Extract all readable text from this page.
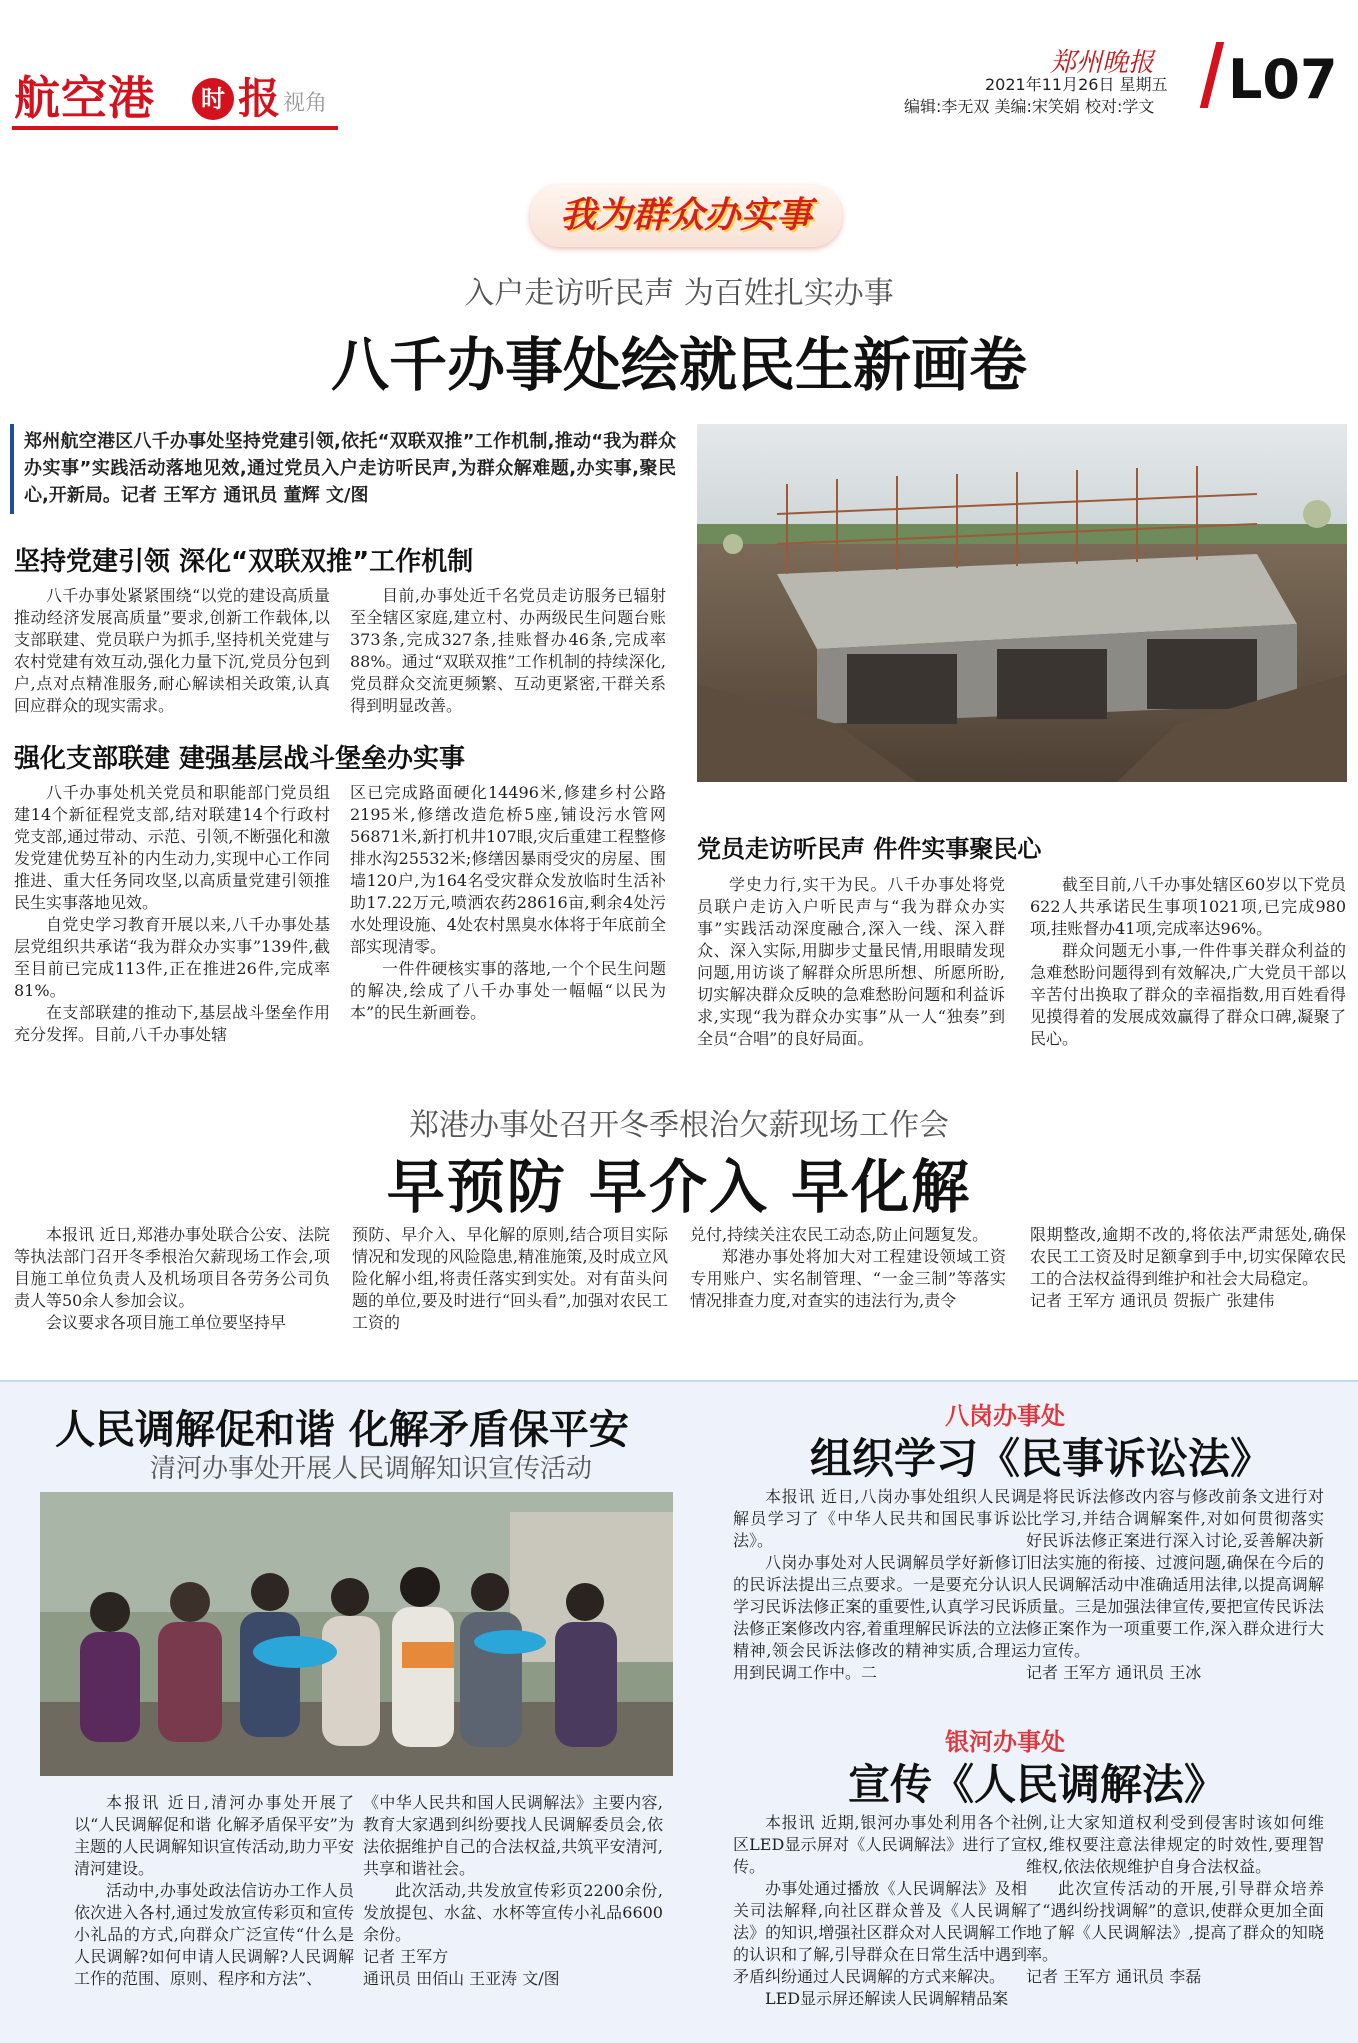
航空港	时 报 视角
郑州晚报
2021年11月26日 星期五
编辑:李无双 美编:宋笑娟 校对:学文 L07
我为群众办实事
入户走访听民声 为百姓扎实办事
八千办事处绘就民生新画卷
郑州航空港区八千办事处坚持党建引领,依托“双联双推”工作机制,推动“我为群众办实事”实践活动落地见效,通过党员入户走访听民声,为群众解难题,办实事,聚民心,开新局。记者 王军方 通讯员 董辉 文/图
坚持党建引领 深化“双联双推”工作机制

八千办事处紧紧围绕“以党的建设高质量推动经济发展高质量”要求,创新工作载体,以支部联建、党员联户为抓手,坚持机关党建与农村党建有效互动,强化力量下沉,党员分包到户,点对点精准服务,耐心解读相关政策,认真回应群众的现实需求。

目前,办事处近千名党员走访服务已辐射至全辖区家庭,建立村、办两级民生问题台账373条,完成327条,挂账督办46条,完成率88%。通过“双联双推”工作机制的持续深化,党员群众交流更频繁、互动更紧密,干群关系得到明显改善。

强化支部联建 建强基层战斗堡垒办实事

八千办事处机关党员和职能部门党员组建14个新征程党支部,结对联建14个行政村党支部,通过带动、示范、引领,不断强化和激发党建优势互补的内生动力,实现中心工作同推进、重大任务同攻坚,以高质量党建引领推民生实事落地见效。

自党史学习教育开展以来,八千办事处基层党组织共承诺“我为群众办实事”139件,截至目前已完成113件,正在推进26件,完成率81%。

在支部联建的推动下,基层战斗堡垒作用充分发挥。目前,八千办事处辖

区已完成路面硬化14496米,修建乡村公路2195米,修缮改造危桥5座,铺设污水管网56871米,新打机井107眼,灾后重建工程整修排水沟25532米;修缮因暴雨受灾的房屋、围墙120户,为164名受灾群众发放临时生活补助17.22万元,喷洒农药28616亩,剩余4处污水处理设施、4处农村黑臭水体将于年底前全部实现清零。

一件件硬核实事的落地,一个个民生问题的解决,绘成了八千办事处一幅幅“以民为本”的民生新画卷。

党员走访听民声 件件实事聚民心

学史力行,实干为民。八千办事处将党员联户走访入户听民声与“我为群众办实事”实践活动深度融合,深入一线、深入群众、深入实际,用脚步丈量民情,用眼睛发现问题,用访谈了解群众所思所想、所愿所盼,切实解决群众反映的急难愁盼问题和利益诉求,实现“我为群众办实事”从一人“独奏”到全员“合唱”的良好局面。

截至目前,八千办事处辖区60岁以下党员622人共承诺民生事项1021项,已完成980项,挂账督办41项,完成率达96%。

群众问题无小事,一件件事关群众利益的急难愁盼问题得到有效解决,广大党员干部以辛苦付出换取了群众的幸福指数,用百姓看得见摸得着的发展成效赢得了群众口碑,凝聚了民心。

郑港办事处召开冬季根治欠薪现场工作会
早预防 早介入 早化解

本报讯 近日,郑港办事处联合公安、法院等执法部门召开冬季根治欠薪现场工作会,项目施工单位负责人及机场项目各劳务公司负责人等50余人参加会议。

会议要求各项目施工单位要坚持早

预防、早介入、早化解的原则,结合项目实际情况和发现的风险隐患,精准施策,及时成立风险化解小组,将责任落实到实处。对有苗头问题的单位,要及时进行“回头看”,加强对农民工工资的

兑付,持续关注农民工动态,防止问题复发。

郑港办事处将加大对工程建设领域工资专用账户、实名制管理、“一金三制”等落实情况排查力度,对查实的违法行为,责令

限期整改,逾期不改的,将依法严肃惩处,确保农民工工资及时足额拿到手中,切实保障农民工的合法权益得到维护和社会大局稳定。

记者 王军方 通讯员 贺振广 张建伟

人民调解促和谐 化解矛盾保平安
清河办事处开展人民调解知识宣传活动

本报讯 近日,清河办事处开展了以“人民调解促和谐 化解矛盾保平安”为主题的人民调解知识宣传活动,助力平安清河建设。

活动中,办事处政法信访办工作人员依次进入各村,通过发放宣传彩页和宣传小礼品的方式,向群众广泛宣传“什么是人民调解?如何申请人民调解?人民调解工作的范围、原则、程序和方法”、

《中华人民共和国人民调解法》主要内容,教育大家遇到纠纷要找人民调解委员会,依法依据维护自己的合法权益,共筑平安清河,共享和谐社会。

此次活动,共发放宣传彩页2200余份,发放提包、水盆、水杯等宣传小礼品6600余份。

记者 王军方

通讯员 田佰山 王亚涛 文/图

八岗办事处
组织学习《民事诉讼法》

本报讯 近日,八岗办事处组织人民调解员学习了《中华人民共和国民事诉讼法》。

八岗办事处对人民调解员学好新修订的民诉法提出三点要求。一是要充分认识学习民诉法修正案的重要性,认真学习民诉法修正案修改内容,着重理解民诉法的立法精神,领会民诉法修改的精神实质,合理运用到民调工作中。二

是将民诉法修改内容与修改前条文进行对比学习,并结合调解案件,对如何贯彻落实好民诉法修正案进行深入讨论,妥善解决新旧法实施的衔接、过渡问题,确保在今后的人民调解活动中准确适用法律,以提高调解质量。三是加强法律宣传,要把宣传民诉法修正案作为一项重要工作,深入群众进行大力宣传。

记者 王军方 通讯员 王冰

银河办事处
宣传《人民调解法》

本报讯 近期,银河办事处利用各个社区LED显示屏对《人民调解法》进行了宣传。

办事处通过播放《人民调解法》及相关司法解释,向社区群众普及《人民调解法》的知识,增强社区群众对人民调解工作的认识和了解,引导群众在日常生活中遇到矛盾纠纷通过人民调解的方式来解决。

LED显示屏还解读人民调解精品案

例,让大家知道权利受到侵害时该如何维权,维权要注意法律规定的时效性,要理智维权,依法依规维护自身合法权益。

此次宣传活动的开展,引导群众培养了“遇纠纷找调解”的意识,使群众更加全面地了解《人民调解法》,提高了群众的知晓率。

记者 王军方 通讯员 李磊
